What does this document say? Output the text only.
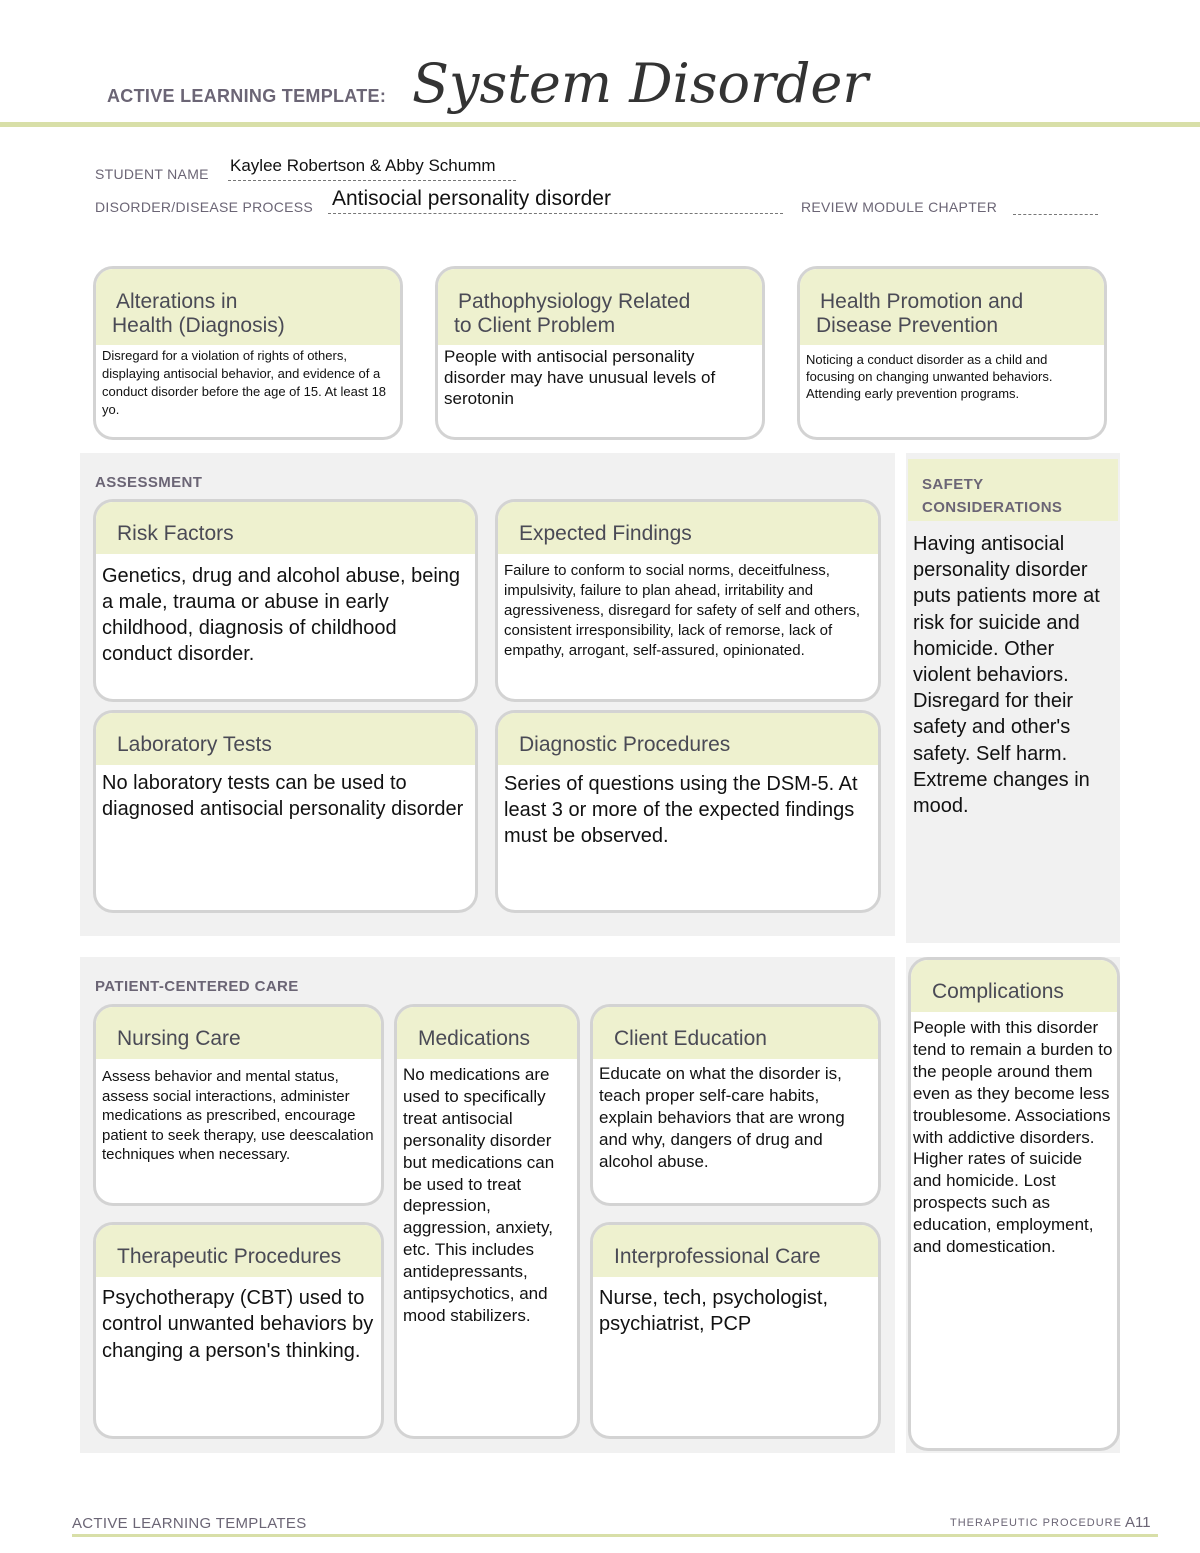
ACTIVE LEARNING TEMPLATE: System Disorder
STUDENT NAME Kaylee Robertson & Abby Schumm
DISORDER/DISEASE PROCESS Antisocial personality disorder	REVIEW MODULE CHAPTER
Alterations in
Health (Diagnosis)
Disregard for a violation of rights of others, displaying antisocial behavior, and evidence of a conduct disorder before the age of 15. At least 18 yo.
Pathophysiology Related
to Client Problem
People with antisocial personality disorder may have unusual levels of serotonin
Health Promotion and
Disease Prevention
Noticing a conduct disorder as a child and focusing on changing unwanted behaviors. Attending early prevention programs.
ASSESSMENT
Risk Factors
Genetics, drug and alcohol abuse, being a male, trauma or abuse in early childhood, diagnosis of childhood conduct disorder.
Expected Findings
Failure to conform to social norms, deceitfulness, impulsivity, failure to plan ahead, irritability and agressiveness, disregard for safety of self and others, consistent irresponsibility, lack of remorse, lack of empathy, arrogant, self-assured, opinionated.
Laboratory Tests
No laboratory tests can be used to diagnosed antisocial personality disorder
Diagnostic Procedures
Series of questions using the DSM-5. At least 3 or more of the expected findings must be observed.
SAFETY
CONSIDERATIONS
Having antisocial personality disorder puts patients more at risk for suicide and homicide. Other violent behaviors. Disregard for their safety and other's safety. Self harm. Extreme changes in mood.
PATIENT-CENTERED CARE
Nursing Care
Assess behavior and mental status, assess social interactions, administer medications as prescribed, encourage patient to seek therapy, use deescalation techniques when necessary.
Medications
No medications are used to specifically treat antisocial personality disorder but medications can be used to treat depression, aggression, anxiety, etc. This includes antidepressants, antipsychotics, and mood stabilizers.
Client Education
Educate on what the disorder is, teach proper self-care habits, explain behaviors that are wrong and why, dangers of drug and alcohol abuse.
Therapeutic Procedures
Psychotherapy (CBT) used to control unwanted behaviors by changing a person's thinking.
Interprofessional Care
Nurse, tech, psychologist, psychiatrist, PCP
Complications
People with this disorder tend to remain a burden to the people around them even as they become less troublesome. Associations with addictive disorders. Higher rates of suicide and homicide. Lost prospects such as education, employment, and domestication.
ACTIVE LEARNING TEMPLATES	THERAPEUTIC PROCEDURE A11
